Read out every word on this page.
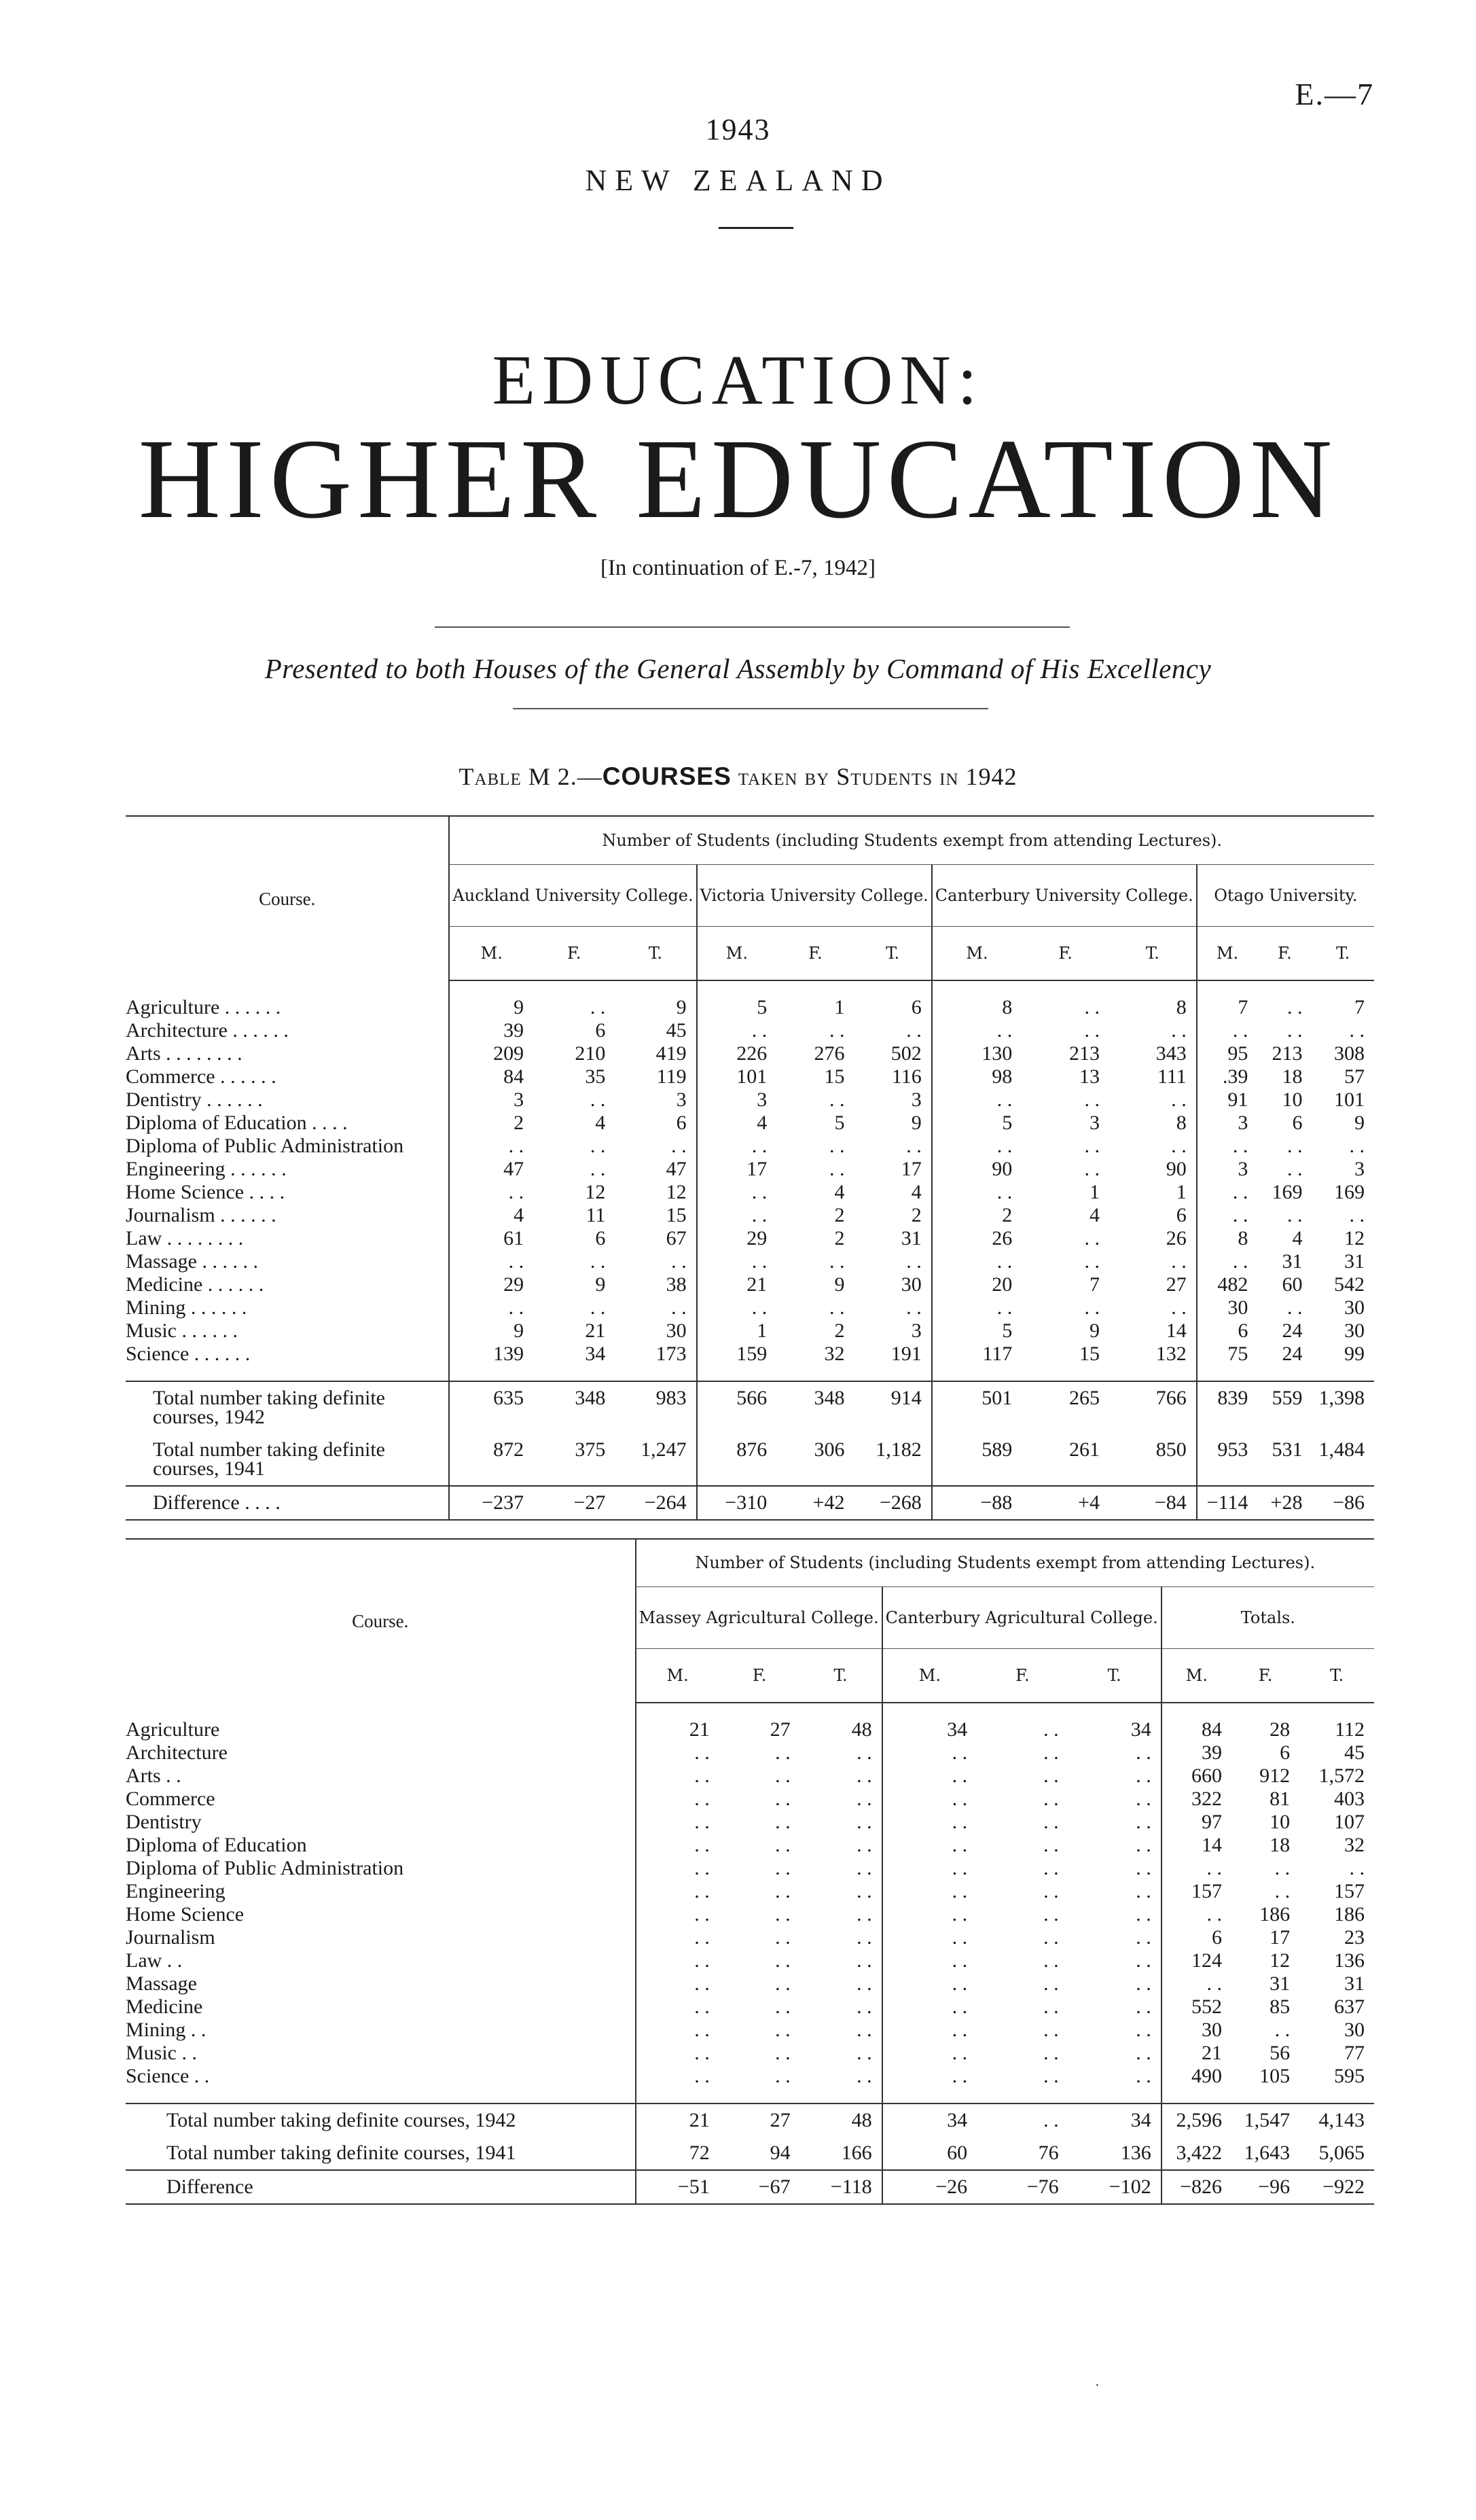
E.—7
1943
NEW ZEALAND
EDUCATION:
HIGHER EDUCATION
[In continuation of E.-7, 1942]
Presented to both Houses of the General Assembly by Command of His Excellency
Table M 2.—COURSES taken by Students in 1942
Course.	Number of Students (including Students exempt from attending Lectures).											
	Auckland University College.			Victoria University College.			Canterbury University College.			Otago University.		
	M.	F.	T.	M.	F.	T.	M.	F.	T.	M.	F.	T.

Agriculture . . . . . .	9	. .	9	5	1	6	8	. .	8	7	. .	7
Architecture . . . . . .	39	6	45	. .	. .	. .	. .	. .	. .	. .	. .	. .
Arts . . . . . . . .	209	210	419	226	276	502	130	213	343	95	213	308
Commerce . . . . . .	84	35	119	101	15	116	98	13	111	.39	18	57
Dentistry . . . . . .	3	. .	3	3	. .	3	. .	. .	. .	91	10	101
Diploma of Education . . . .	2	4	6	4	5	9	5	3	8	3	6	9
Diploma of Public Administration	. .	. .	. .	. .	. .	. .	. .	. .	. .	. .	. .	. .
Engineering . . . . . .	47	. .	47	17	. .	17	90	. .	90	3	. .	3
Home Science . . . .	. .	12	12	. .	4	4	. .	1	1	. .	169	169
Journalism . . . . . .	4	11	15	. .	2	2	2	4	6	. .	. .	. .
Law . . . . . . . .	61	6	67	29	2	31	26	. .	26	8	4	12
Massage . . . . . .	. .	. .	. .	. .	. .	. .	. .	. .	. .	. .	31	31
Medicine . . . . . .	29	9	38	21	9	30	20	7	27	482	60	542
Mining . . . . . .	. .	. .	. .	. .	. .	. .	. .	. .	. .	30	. .	30
Music . . . . . .	9	21	30	1	2	3	5	9	14	6	24	30
Science . . . . . .	139	34	173	159	32	191	117	15	132	75	24	99

Total number taking definite courses, 1942	635	348	983	566	348	914	501	265	766	839	559	1,398
Total number taking definite courses, 1941	872	375	1,247	876	306	1,182	589	261	850	953	531	1,484
Difference . . . .	−237	−27	−264	−310	+42	−268	−88	+4	−84	−114	+28	−86
Course.	Number of Students (including Students exempt from attending Lectures).								
	Massey Agricultural College.			Canterbury Agricultural College.			Totals.		
	M.	F.	T.	M.	F.	T.	M.	F.	T.

Agriculture	21	27	48	34	. .	34	84	28	112
Architecture	. .	. .	. .	. .	. .	. .	39	6	45
Arts . .	. .	. .	. .	. .	. .	. .	660	912	1,572
Commerce	. .	. .	. .	. .	. .	. .	322	81	403
Dentistry	. .	. .	. .	. .	. .	. .	97	10	107
Diploma of Education	. .	. .	. .	. .	. .	. .	14	18	32
Diploma of Public Administration	. .	. .	. .	. .	. .	. .	. .	. .	. .
Engineering	. .	. .	. .	. .	. .	. .	157	. .	157
Home Science	. .	. .	. .	. .	. .	. .	. .	186	186
Journalism	. .	. .	. .	. .	. .	. .	6	17	23
Law . .	. .	. .	. .	. .	. .	. .	124	12	136
Massage	. .	. .	. .	. .	. .	. .	. .	31	31
Medicine	. .	. .	. .	. .	. .	. .	552	85	637
Mining . .	. .	. .	. .	. .	. .	. .	30	. .	30
Music . .	. .	. .	. .	. .	. .	. .	21	56	77
Science . .	. .	. .	. .	. .	. .	. .	490	105	595

Total number taking definite courses, 1942	21	27	48	34	. .	34	2,596	1,547	4,143
Total number taking definite courses, 1941	72	94	166	60	76	136	3,422	1,643	5,065
Difference	−51	−67	−118	−26	−76	−102	−826	−96	−922
·
